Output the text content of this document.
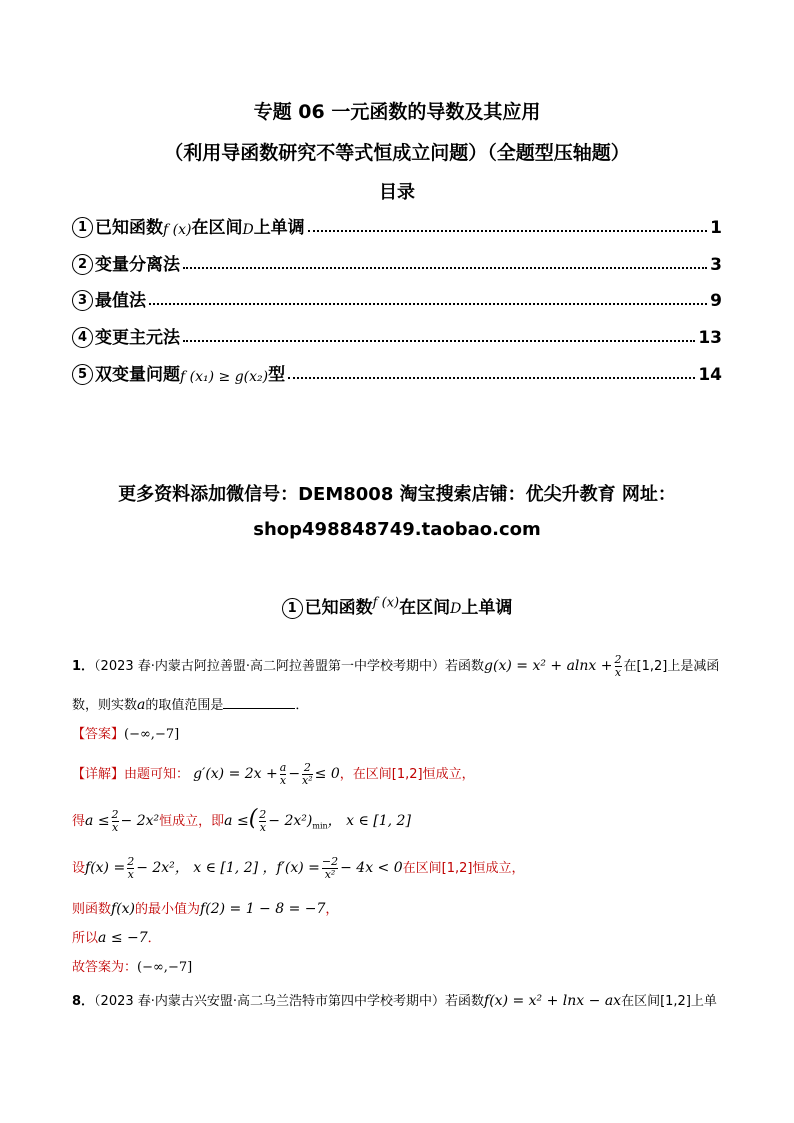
专题 06 一元函数的导数及其应用
（利用导函数研究不等式恒成立问题）（全题型压轴题）
目录
1 已知函数 f (x) 在区间 D 上单调	1
2 变量分离法	3
3 最值法	9
4 变更主元法	13
5 双变量问题 f (x₁) ≥ g(x₂) 型	14
更多资料添加微信号：DEM8008 淘宝搜索店铺：优尖升教育 网址：
shop498848749.taobao.com
1 已知函数$^{f (x)}$在区间D上单调
1．（2023 春·内蒙古阿拉善盟·高二阿拉善盟第一中学校考期中）若函数$g(x) = x^2 + alnx + \frac{2}{x}$ 在[1,2]上是减函
数，则实数a的取值范围是	．
【答案】(−∞,−7]
【详解】由题可知： $g'(x) = 2x + \frac{a}{x} - \frac{2}{\text{x²}} \le 0$，在区间[1,2]恒成立，
得$a \le \frac{2}{x} - 2x^2$恒成立，即a ≤( $\frac{2}{x} - 2x^2)_{min}$， x ∈ [1, 2]
设$f(x) = \frac{2}{x} - 2x^2$， x ∈ [1, 2] ，$f'(x) = \frac{-2}{\text{x²}} - 4x < 0$在区间[1,2]恒成立，
则函数f(x)的最小值为f(2) = 1 − 8 = −7，
所以a ≤ −7．
故答案为：(−∞,−7]
8．（2023 春·内蒙古兴安盟·高二乌兰浩特市第四中学校考期中）若函数f(x) = x² + lnx − ax在区间[1,2]上单
